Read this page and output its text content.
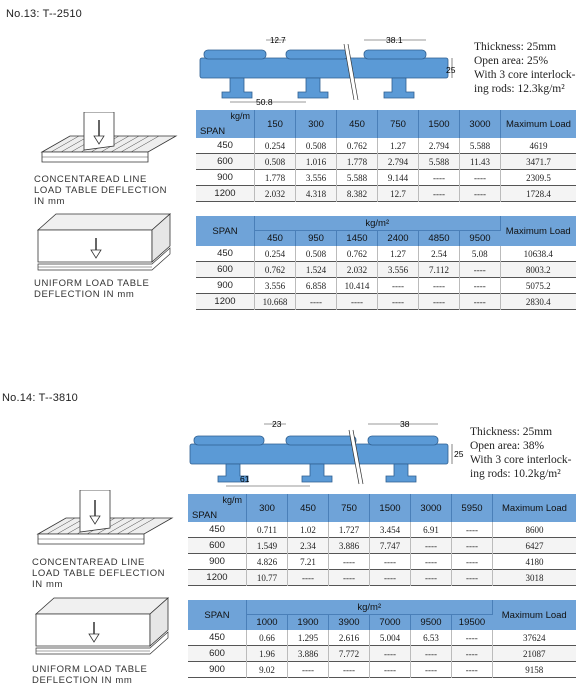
No.13: T--2510
12.7	38.1
25
50.8
Thickness: 25mm
Open area: 25%
With 3 core interlock-
ing rods: 12.3kg/m²
CONCENTAREAD LINE
LOAD TABLE DEFLECTION
IN mm
kg/m
SPAN	150	300	450	750	1500	3000	Maximum Load
450	0.254	0.508	0.762	1.27	2.794	5.588	4619
600	0.508	1.016	1.778	2.794	5.588	11.43	3471.7
900	1.778	3.556	5.588	9.144	----	----	2309.5
1200	2.032	4.318	8.382	12.7	----	----	1728.4
UNIFORM LOAD TABLE
DEFLECTION IN mm
SPAN	kg/m²						Maximum Load
	450	950	1450	2400	4850	9500	
450	0.254	0.508	0.762	1.27	2.54	5.08	10638.4
600	0.762	1.524	2.032	3.556	7.112	----	8003.2
900	3.556	6.858	10.414	----	----	----	5075.2
1200	10.668	----	----	----	----	----	2830.4
No.14: T--3810
23	38
25
61
Thickness: 25mm
Open area: 38%
With 3 core interlock-
ing rods: 10.2kg/m²
CONCENTAREAD LINE
LOAD TABLE DEFLECTION
IN mm
kg/m
SPAN	300	450	750	1500	3000	5950	Maximum Load
450	0.711	1.02	1.727	3.454	6.91	----	8600
600	1.549	2.34	3.886	7.747	----	----	6427
900	4.826	7.21	----	----	----	----	4180
1200	10.77	----	----	----	----	----	3018
UNIFORM LOAD TABLE
DEFLECTION IN mm
SPAN	kg/m²						Maximum Load
	1000	1900	3900	7000	9500	19500	
450	0.66	1.295	2.616	5.004	6.53	----	37624
600	1.96	3.886	7.772	----	----	----	21087
900	9.02	----	----	----	----	----	9158
